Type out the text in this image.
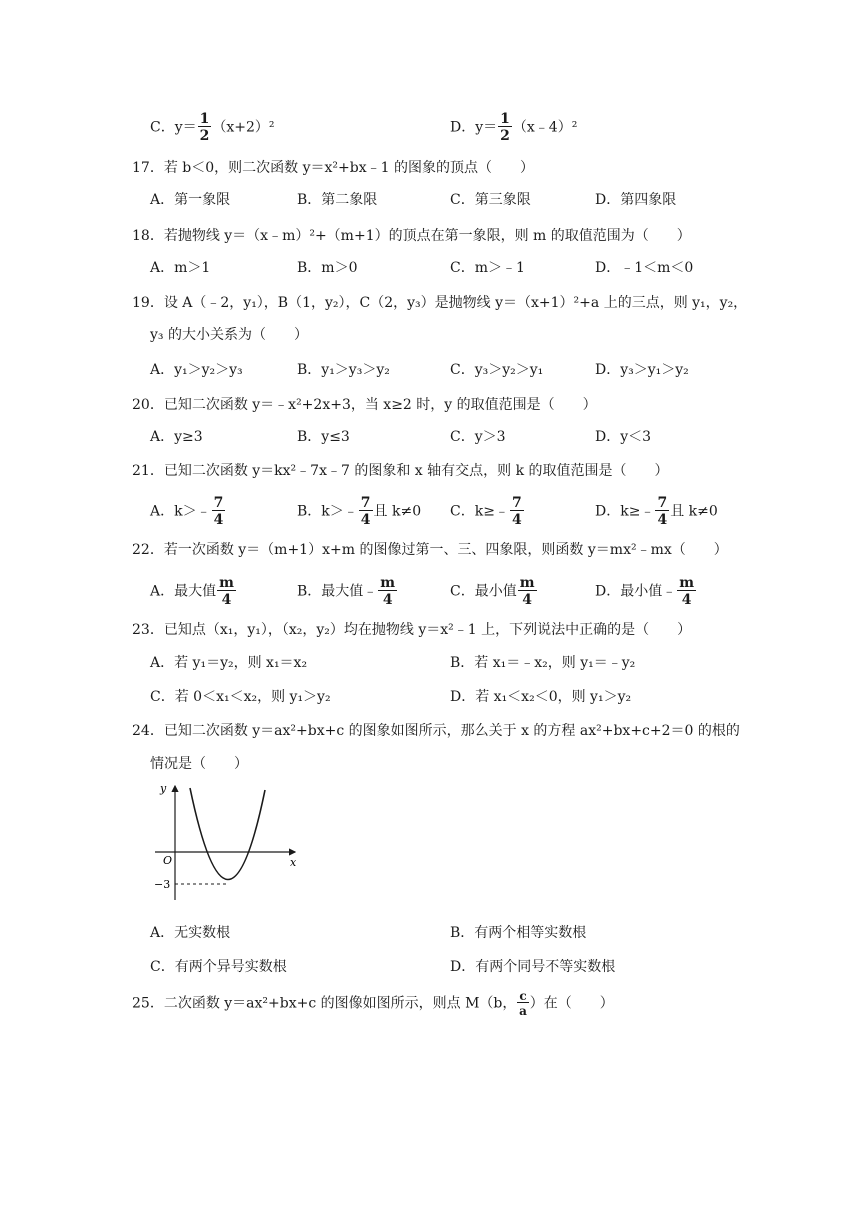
C．$y= \frac{1}{2} (x+2)^2$	D．$y= \frac{1}{2}$ （x﹣4）²
17．若 b＜0，则二次函数 y＝x²+bx﹣1 的图象的顶点（　　）
A．第一象限	B．第二象限	C．第三象限	D．第四象限
18．若抛物线 y＝（x﹣m）²+（m+1）的顶点在第一象限，则 m 的取值范围为（　　）
A．m＞1	B．m＞0	C．m＞﹣1	D．﹣1＜m＜0
19．设 A（﹣2，y₁），B（1，y₂），C（2，y₃）是抛物线 y＝（x+1）²+a 上的三点，则 y₁，y₂，
y₃ 的大小关系为（　　）
A．y₁＞y₂＞y₃	B．y₁＞y₃＞y₂	C．y₃＞y₂＞y₁	D．y₃＞y₁＞y₂
20．已知二次函数 y＝﹣x²+2x+3，当 x≥2 时，y 的取值范围是（　　）
A．y≥3	B．y≤3	C．y＞3	D．y＜3
21．已知二次函数 y＝kx²﹣7x﹣7 的图象和 x 轴有交点，则 k 的取值范围是（　　）
A．k＞﹣ $\frac{7}{4}$	B．k＞﹣ $\frac{7}{4}$ 且 k≠0 C．k≥﹣ $\frac{7}{4}$	D．k≥﹣ $\frac{7}{4}$ 且 k≠0
22．若一次函数 y＝（m+1）x+m 的图像过第一、三、四象限，则函数 y＝mx²﹣mx（　　）
A．最大值 $\frac{m}{4}$	B．最大值﹣ $\frac{m}{4}$	C．最小值 $\frac{m}{4}$	D．最小值﹣ $\frac{m}{4}$
23．已知点（x₁，y₁），（x₂，y₂）均在抛物线 y＝x²﹣1 上，下列说法中正确的是（　　）
A．若 y₁＝y₂，则 x₁＝x₂	B．若 x₁＝﹣x₂，则 y₁＝﹣y₂
C．若 0＜x₁＜x₂，则 y₁＞y₂	D．若 x₁＜x₂＜0，则 y₁＞y₂
24．已知二次函数 y＝ax²+bx+c 的图象如图所示，那么关于 x 的方程 ax²+bx+c+2＝0 的根的
情况是（　　）
y
x
O
−3
A．无实数根	B．有两个相等实数根
C．有两个异号实数根	D．有两个同号不等实数根
25．二次函数 y＝ax²+bx+c 的图像如图所示，则点 M（b， $\frac{c}{a}$ ）在（　　）
